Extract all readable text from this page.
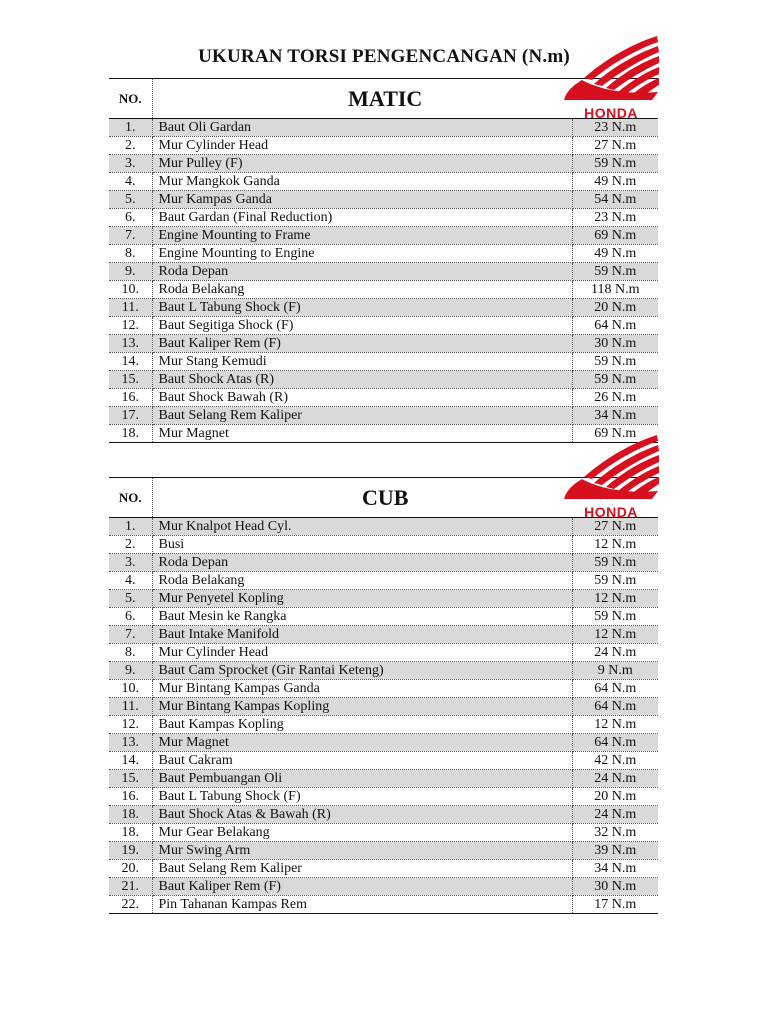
UKURAN TORSI PENGENCANGAN (N.m)
NO.	MATIC	
1.	Baut Oli Gardan	23 N.m
2.	Mur Cylinder Head	27 N.m
3.	Mur Pulley (F)	59 N.m
4.	Mur Mangkok Ganda	49 N.m
5.	Mur Kampas Ganda	54 N.m
6.	Baut Gardan (Final Reduction)	23 N.m
7.	Engine Mounting to Frame	69 N.m
8.	Engine Mounting to Engine	49 N.m
9.	Roda Depan	59 N.m
10.	Roda Belakang	118 N.m
11.	Baut L Tabung Shock (F)	20 N.m
12.	Baut Segitiga Shock (F)	64 N.m
13.	Baut Kaliper Rem (F)	30 N.m
14.	Mur Stang Kemudi	59 N.m
15.	Baut Shock Atas (R)	59 N.m
16.	Baut Shock Bawah (R)	26 N.m
17.	Baut Selang Rem Kaliper	34 N.m
18.	Mur Magnet	69 N.m
HONDA
NO.	CUB	
1.	Mur Knalpot Head Cyl.	27 N.m
2.	Busi	12 N.m
3.	Roda Depan	59 N.m
4.	Roda Belakang	59 N.m
5.	Mur Penyetel Kopling	12 N.m
6.	Baut Mesin ke Rangka	59 N.m
7.	Baut Intake Manifold	12 N.m
8.	Mur Cylinder Head	24 N.m
9.	Baut Cam Sprocket (Gir Rantai Keteng)	9 N.m
10.	Mur Bintang Kampas Ganda	64 N.m
11.	Mur Bintang Kampas Kopling	64 N.m
12.	Baut Kampas Kopling	12 N.m
13.	Mur Magnet	64 N.m
14.	Baut Cakram	42 N.m
15.	Baut Pembuangan Oli	24 N.m
16.	Baut L Tabung Shock (F)	20 N.m
18.	Baut Shock Atas & Bawah (R)	24 N.m
18.	Mur Gear Belakang	32 N.m
19.	Mur Swing Arm	39 N.m
20.	Baut Selang Rem Kaliper	34 N.m
21.	Baut Kaliper Rem (F)	30 N.m
22.	Pin Tahanan Kampas Rem	17 N.m
HONDA
